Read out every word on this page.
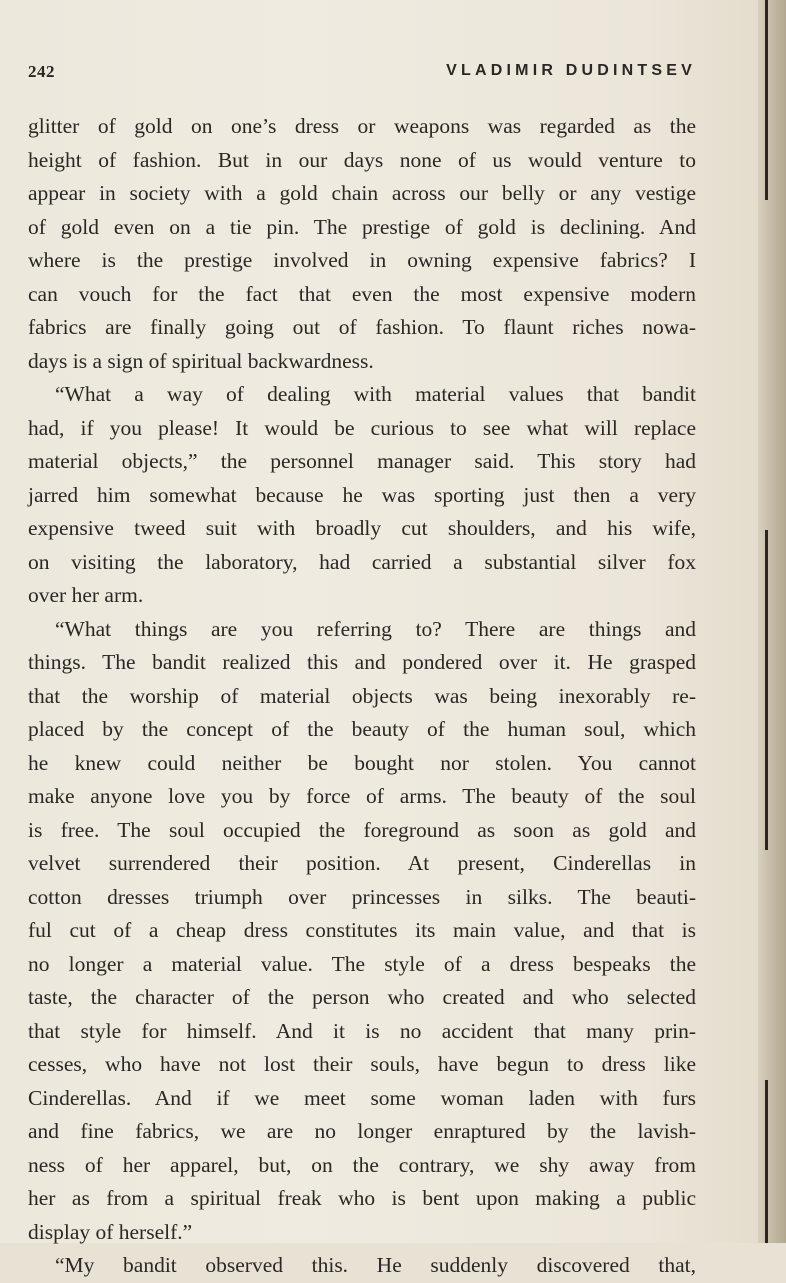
242	VLADIMIR DUDINTSEV
glitter of gold on one’s dress or weapons was regarded as the
height of fashion. But in our days none of us would venture to
appear in society with a gold chain across our belly or any vestige
of gold even on a tie pin. The prestige of gold is declining. And
where is the prestige involved in owning expensive fabrics? I
can vouch for the fact that even the most expensive modern
fabrics are finally going out of fashion. To flaunt riches nowa-
days is a sign of spiritual backwardness.
“What a way of dealing with material values that bandit
had, if you please! It would be curious to see what will replace
material objects,” the personnel manager said. This story had
jarred him somewhat because he was sporting just then a very
expensive tweed suit with broadly cut shoulders, and his wife,
on visiting the laboratory, had carried a substantial silver fox
over her arm.
“What things are you referring to? There are things and
things. The bandit realized this and pondered over it. He grasped
that the worship of material objects was being inexorably re-
placed by the concept of the beauty of the human soul, which
he knew could neither be bought nor stolen. You cannot
make anyone love you by force of arms. The beauty of the soul
is free. The soul occupied the foreground as soon as gold and
velvet surrendered their position. At present, Cinderellas in
cotton dresses triumph over princesses in silks. The beauti-
ful cut of a cheap dress constitutes its main value, and that is
no longer a material value. The style of a dress bespeaks the
taste, the character of the person who created and who selected
that style for himself. And it is no accident that many prin-
cesses, who have not lost their souls, have begun to dress like
Cinderellas. And if we meet some woman laden with furs
and fine fabrics, we are no longer enraptured by the lavish-
ness of her apparel, but, on the contrary, we shy away from
her as from a spiritual freak who is bent upon making a public
display of herself.”
“My bandit observed this. He suddenly discovered that,
